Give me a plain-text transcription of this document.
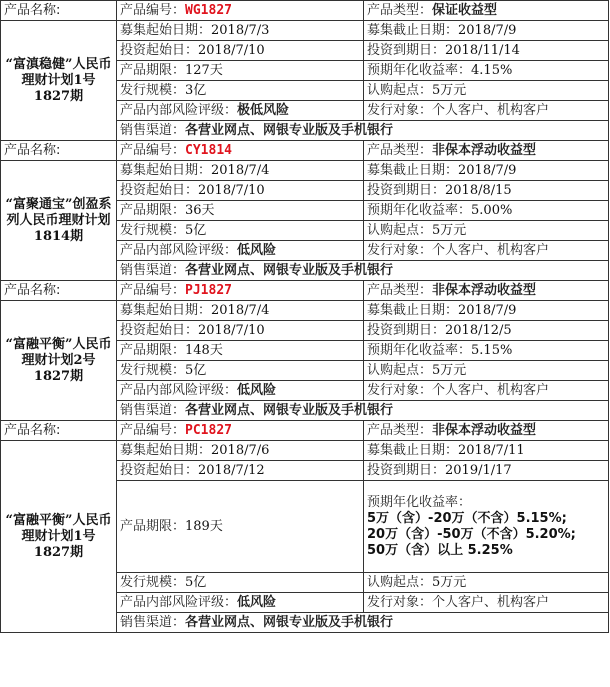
产品名称:	产品编号：WG1827	产品类型：保证收益型
“富滇稳健”人民币理财计划1号1827期	募集起始日期：2018/7/3	募集截止日期：2018/7/9
	投资起始日：2018/7/10	投资到期日：2018/11/14
	产品期限：127天	预期年化收益率：4.15%
	发行规模：3亿	认购起点：5万元
	产品内部风险评级：极低风险	发行对象：个人客户、机构客户
	销售渠道：各营业网点、网银专业版及手机银行	
产品名称:	产品编号：CY1814	产品类型：非保本浮动收益型
“富聚通宝”创盈系列人民币理财计划1814期	募集起始日期：2018/7/4	募集截止日期：2018/7/9
	投资起始日：2018/7/10	投资到期日：2018/8/15
	产品期限：36天	预期年化收益率：5.00%
	发行规模：5亿	认购起点：5万元
	产品内部风险评级：低风险	发行对象：个人客户、机构客户
	销售渠道：各营业网点、网银专业版及手机银行	
产品名称:	产品编号：PJ1827	产品类型：非保本浮动收益型
“富融平衡”人民币理财计划2号1827期	募集起始日期：2018/7/4	募集截止日期：2018/7/9
	投资起始日：2018/7/10	投资到期日：2018/12/5
	产品期限：148天	预期年化收益率：5.15%
	发行规模：5亿	认购起点：5万元
	产品内部风险评级：低风险	发行对象：个人客户、机构客户
	销售渠道：各营业网点、网银专业版及手机银行	
产品名称:	产品编号：PC1827	产品类型：非保本浮动收益型
“富融平衡”人民币理财计划1号1827期	募集起始日期：2018/7/6	募集截止日期：2018/7/11
	投资起始日：2018/7/12	投资到期日：2019/1/17
	产品期限：189天	预期年化收益率：
5万（含）-20万（不含）5.15%;
20万（含）-50万（不含）5.20%;
50万（含）以上 5.25%

	发行规模：5亿	认购起点：5万元
	产品内部风险评级：低风险	发行对象：个人客户、机构客户
	销售渠道：各营业网点、网银专业版及手机银行	
